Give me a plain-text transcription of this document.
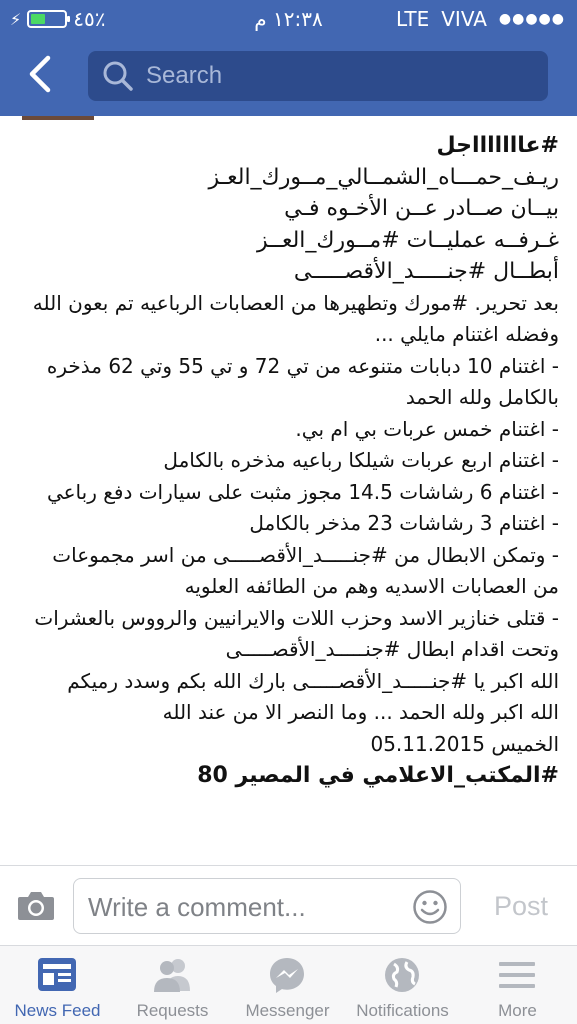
⚡	٤٥٪	١٢:٣٨ م	LTE VIVA ●●●●●
Search
#عاااااااجل
ريـف_حمـــاه_الشمــالي_مــورك_العـز
بيــان صــادر عــن الأخـوه فـي
غـرفــه عمليــات #مــورك_العــز
أبطــال #جنـــــد_الأقصـــــى
بعد تحرير. #مورك وتطهيرها من العصابات الرباعيه تم بعون الله وفضله اغتنام مايلي ...
- اغتنام 10 دبابات متنوعه من تي 72 و تي 55 وتي 62 مذخره بالكامل ولله الحمد
- اغتنام خمس عربات بي ام بي.
- اغتنام اربع عربات شيلكا رباعيه مذخره بالكامل
- اغتنام 6 رشاشات 14.5 مجوز مثبت على سيارات دفع رباعي
- اغتنام 3 رشاشات 23 مذخر بالكامل
- وتمكن الابطال من #جنـــــد_الأقصـــــى من اسر مجموعات من العصابات الاسديه وهم من الطائفه العلويه
- قتلى خنازير الاسد وحزب اللات والايرانيين والرووس بالعشرات وتحت اقدام ابطال #جنـــــد_الأقصـــــى
الله اكبر يا #جنـــــد_الأقصـــــى بارك الله بكم وسدد رميكم
الله اكبر ولله الحمد ... وما النصر الا من عند الله
الخميس 05.11.2015
#المكتب_الاعلامي في المصير 80
Write a comment...
Post
News Feed	Requests	Messenger	Notifications	More
